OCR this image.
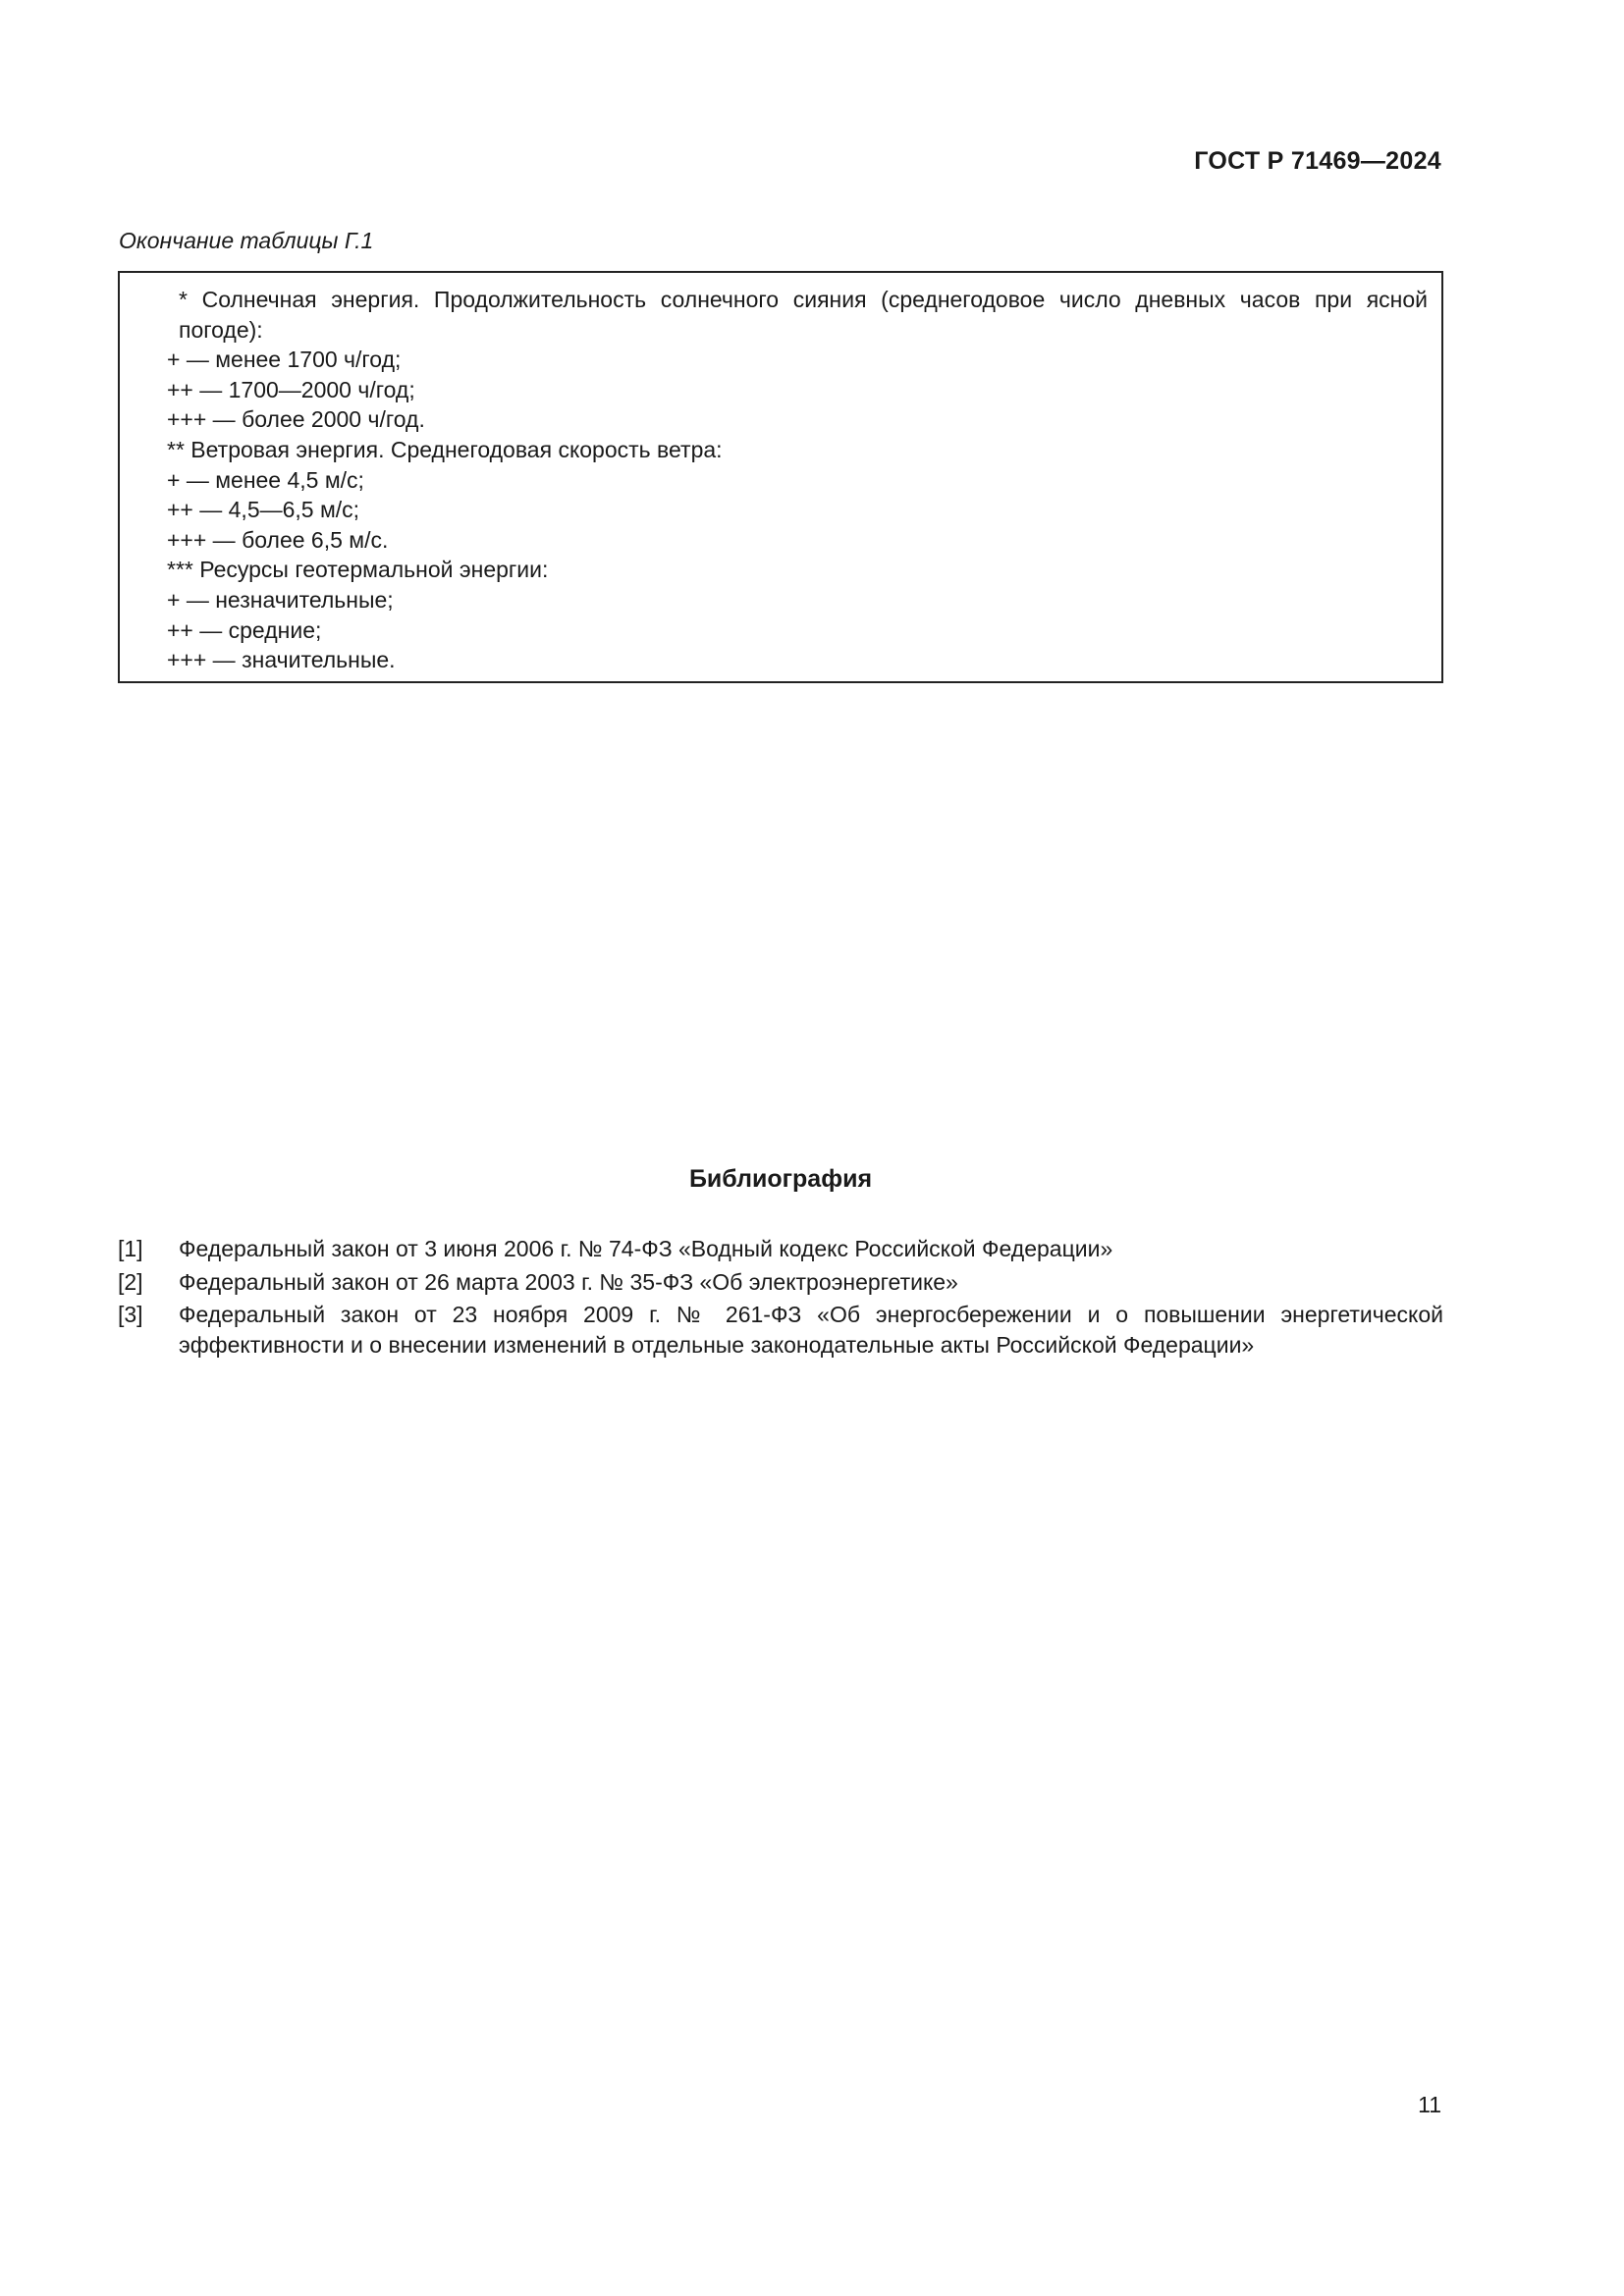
ГОСТ Р 71469—2024
Окончание таблицы Г.1
* Солнечная энергия. Продолжительность солнечного сияния (среднегодовое число дневных часов при ясной погоде):
+ — менее 1700 ч/год;
++ — 1700—2000 ч/год;
+++ — более 2000 ч/год.
** Ветровая энергия. Среднегодовая скорость ветра:
+ — менее 4,5 м/с;
++ — 4,5—6,5 м/с;
+++ — более 6,5 м/с.
*** Ресурсы геотермальной энергии:
+ — незначительные;
++ — средние;
+++ — значительные.
Библиография
[1]	Федеральный закон от 3 июня 2006 г. № 74-ФЗ «Водный кодекс Российской Федерации»
[2]	Федеральный закон от 26 марта 2003 г. № 35-ФЗ «Об электроэнергетике»
[3]	Федеральный закон от 23 ноября 2009 г. № 261-ФЗ «Об энергосбережении и о повышении энергетической эффективности и о внесении изменений в отдельные законодательные акты Российской Федерации»
11
